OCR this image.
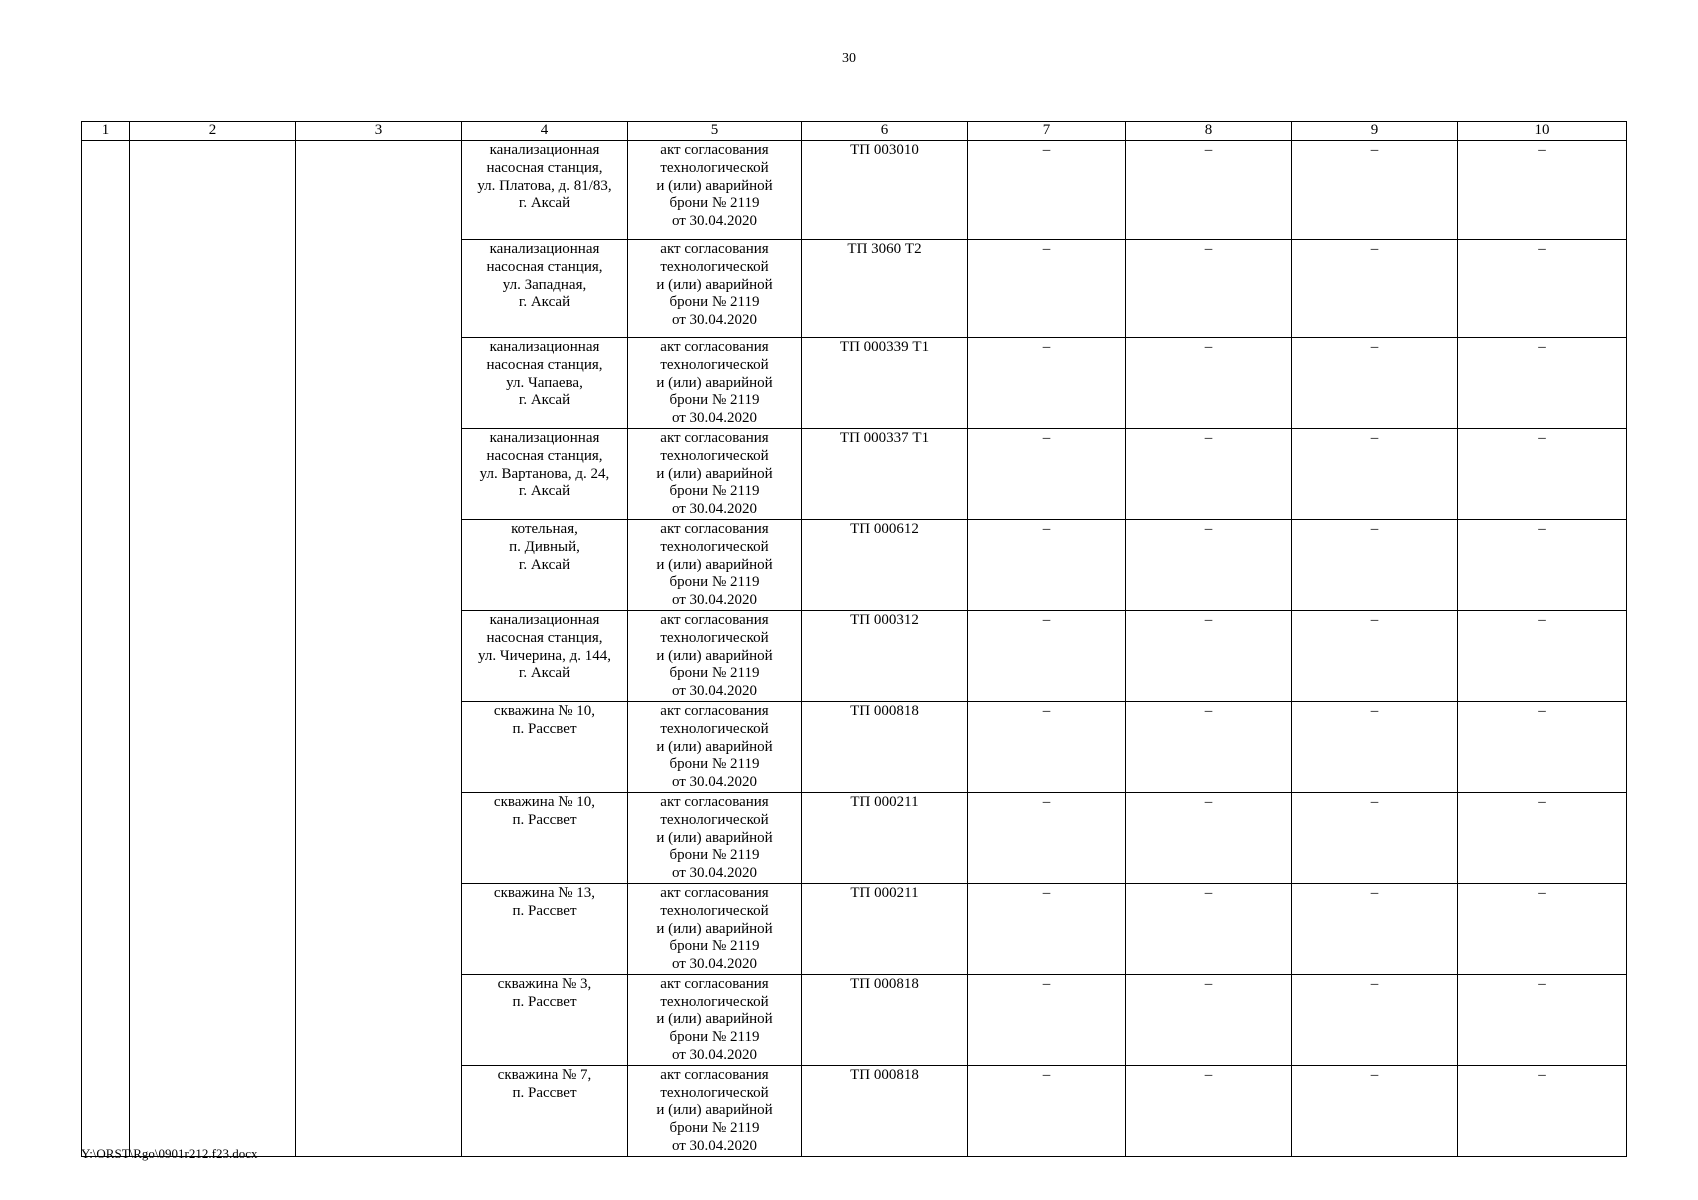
30
1	2	3	4	5	6	7	8	9	10

			канализационная
насосная станция,
ул. Платова, д. 81/83,
г. Аксай	акт согласования
технологической
и (или) аварийной
брони № 2119
от 30.04.2020	ТП 003010	–	–	–	–

			канализационная
насосная станция,
ул. Западная,
г. Аксай	акт согласования
технологической
и (или) аварийной
брони № 2119
от 30.04.2020	ТП 3060 Т2	–	–	–	–

			канализационная
насосная станция,
ул. Чапаева,
г. Аксай	акт согласования
технологической
и (или) аварийной
брони № 2119
от 30.04.2020	ТП 000339 Т1	–	–	–	–

			канализационная
насосная станция,
ул. Вартанова, д. 24,
г. Аксай	акт согласования
технологической
и (или) аварийной
брони № 2119
от 30.04.2020	ТП 000337 Т1	–	–	–	–

			котельная,
п. Дивный,
г. Аксай	акт согласования
технологической
и (или) аварийной
брони № 2119
от 30.04.2020	ТП 000612	–	–	–	–

			канализационная
насосная станция,
ул. Чичерина, д. 144,
г. Аксай	акт согласования
технологической
и (или) аварийной
брони № 2119
от 30.04.2020	ТП 000312	–	–	–	–

			скважина № 10,
п. Рассвет	акт согласования
технологической
и (или) аварийной
брони № 2119
от 30.04.2020	ТП 000818	–	–	–	–

			скважина № 10,
п. Рассвет	акт согласования
технологической
и (или) аварийной
брони № 2119
от 30.04.2020	ТП 000211	–	–	–	–

			скважина № 13,
п. Рассвет	акт согласования
технологической
и (или) аварийной
брони № 2119
от 30.04.2020	ТП 000211	–	–	–	–

			скважина № 3,
п. Рассвет	акт согласования
технологической
и (или) аварийной
брони № 2119
от 30.04.2020	ТП 000818	–	–	–	–

			скважина № 7,
п. Рассвет	акт согласования
технологической
и (или) аварийной
брони № 2119
от 30.04.2020	ТП 000818	–	–	–	–
Y:\ORST\Rgo\0901r212.f23.docx
